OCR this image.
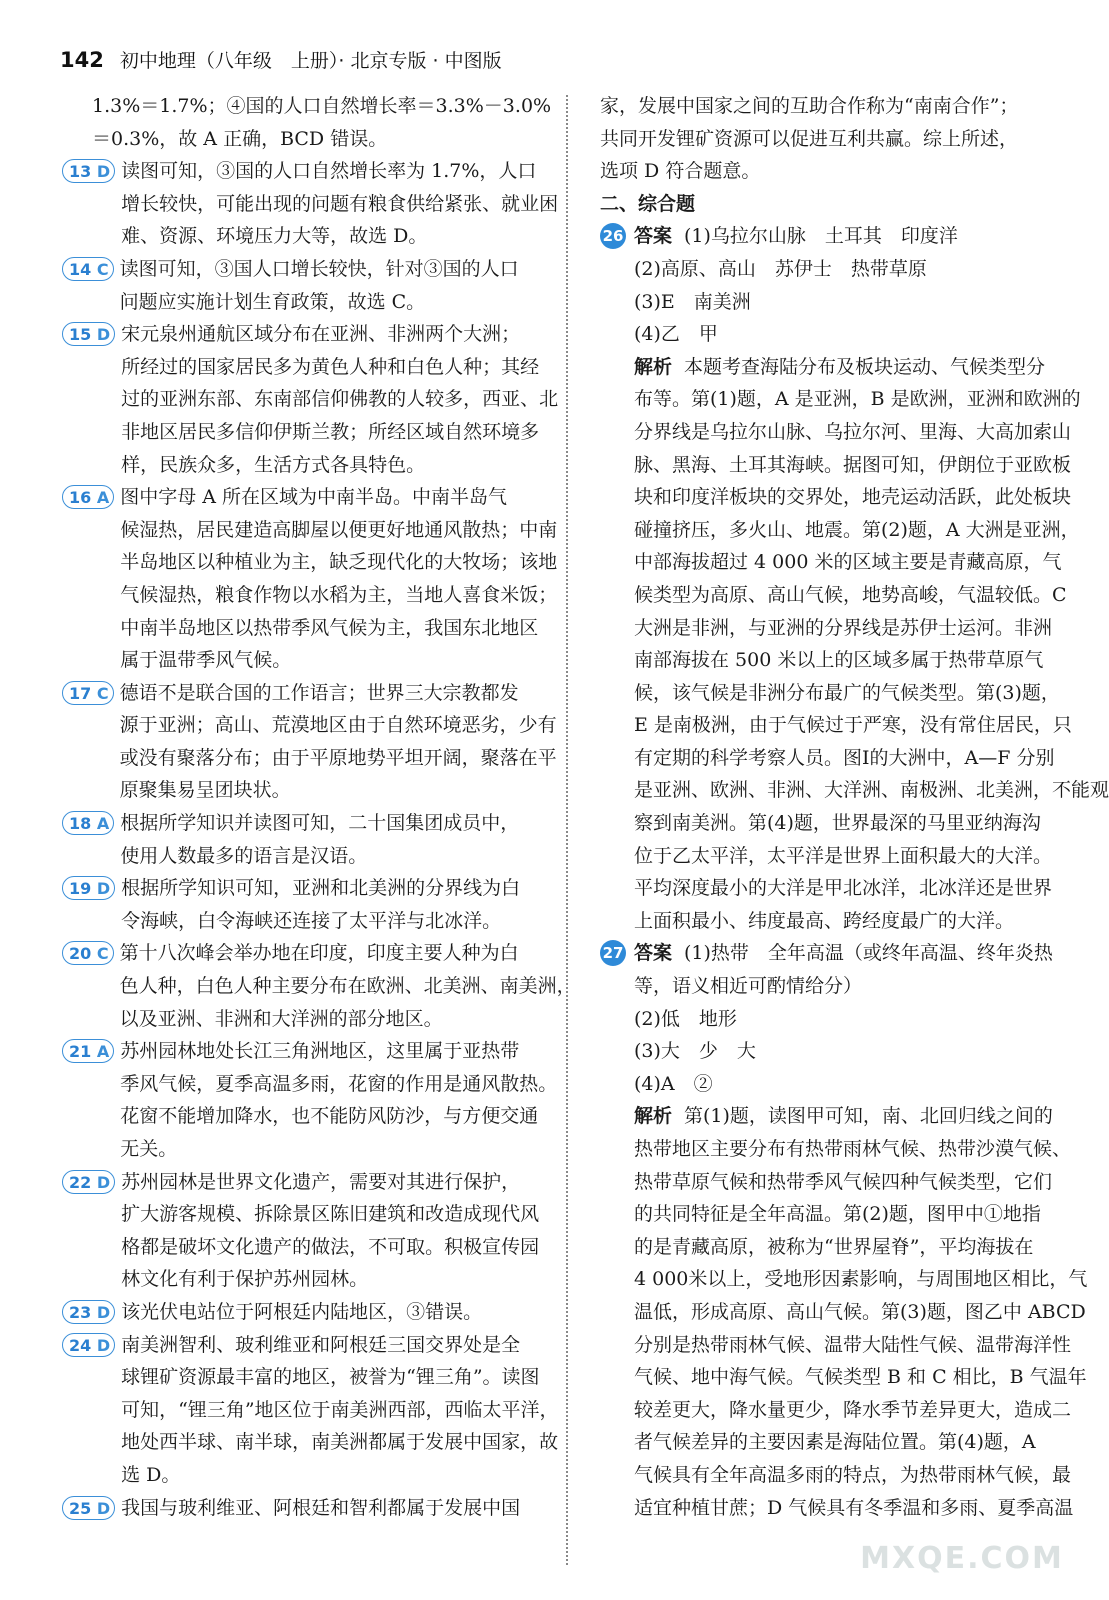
142 初中地理（八年级　上册）· 北京专版 · 中图版
1.3%＝1.7%；④国的人口自然增长率＝3.3%－3.0%
＝0.3%，故 A 正确，BCD 错误。
13 D 读图可知，③国的人口自然增长率为 1.7%，人口
增长较快，可能出现的问题有粮食供给紧张、就业困
难、资源、环境压力大等，故选 D。
14 C 读图可知，③国人口增长较快，针对③国的人口
问题应实施计划生育政策，故选 C。
15 D 宋元泉州通航区域分布在亚洲、非洲两个大洲；
所经过的国家居民多为黄色人种和白色人种；其经
过的亚洲东部、东南部信仰佛教的人较多，西亚、北
非地区居民多信仰伊斯兰教；所经区域自然环境多
样，民族众多，生活方式各具特色。
16 A 图中字母 A 所在区域为中南半岛。中南半岛气
候湿热，居民建造高脚屋以便更好地通风散热；中南
半岛地区以种植业为主，缺乏现代化的大牧场；该地
气候湿热，粮食作物以水稻为主，当地人喜食米饭；
中南半岛地区以热带季风气候为主，我国东北地区
属于温带季风气候。
17 C 德语不是联合国的工作语言；世界三大宗教都发
源于亚洲；高山、荒漠地区由于自然环境恶劣，少有
或没有聚落分布；由于平原地势平坦开阔，聚落在平
原聚集易呈团块状。
18 A 根据所学知识并读图可知，二十国集团成员中，
使用人数最多的语言是汉语。
19 D 根据所学知识可知，亚洲和北美洲的分界线为白
令海峡，白令海峡还连接了太平洋与北冰洋。
20 C 第十八次峰会举办地在印度，印度主要人种为白
色人种，白色人种主要分布在欧洲、北美洲、南美洲，
以及亚洲、非洲和大洋洲的部分地区。
21 A 苏州园林地处长江三角洲地区，这里属于亚热带
季风气候，夏季高温多雨，花窗的作用是通风散热。
花窗不能增加降水，也不能防风防沙，与方便交通
无关。
22 D 苏州园林是世界文化遗产，需要对其进行保护，
扩大游客规模、拆除景区陈旧建筑和改造成现代风
格都是破坏文化遗产的做法，不可取。积极宣传园
林文化有利于保护苏州园林。
23 D 该光伏电站位于阿根廷内陆地区，③错误。
24 D 南美洲智利、玻利维亚和阿根廷三国交界处是全
球锂矿资源最丰富的地区，被誉为“锂三角”。读图
可知，“锂三角”地区位于南美洲西部，西临太平洋，
地处西半球、南半球，南美洲都属于发展中国家，故
选 D。
25 D 我国与玻利维亚、阿根廷和智利都属于发展中国
家，发展中国家之间的互助合作称为“南南合作”；
共同开发锂矿资源可以促进互利共赢。综上所述，
选项 D 符合题意。
二、综合题
26 答案 (1)乌拉尔山脉　土耳其　印度洋
(2)高原、高山　苏伊士　热带草原
(3)E　南美洲
(4)乙　甲
解析 本题考查海陆分布及板块运动、气候类型分
布等。第(1)题，A 是亚洲，B 是欧洲，亚洲和欧洲的
分界线是乌拉尔山脉、乌拉尔河、里海、大高加索山
脉、黑海、土耳其海峡。据图可知，伊朗位于亚欧板
块和印度洋板块的交界处，地壳运动活跃，此处板块
碰撞挤压，多火山、地震。第(2)题，A 大洲是亚洲，
中部海拔超过 4 000 米的区域主要是青藏高原，气
候类型为高原、高山气候，地势高峻，气温较低。C
大洲是非洲，与亚洲的分界线是苏伊士运河。非洲
南部海拔在 500 米以上的区域多属于热带草原气
候，该气候是非洲分布最广的气候类型。第(3)题，
E 是南极洲，由于气候过于严寒，没有常住居民，只
有定期的科学考察人员。图Ⅰ的大洲中，A—F 分别
是亚洲、欧洲、非洲、大洋洲、南极洲、北美洲，不能观
察到南美洲。第(4)题，世界最深的马里亚纳海沟
位于乙太平洋，太平洋是世界上面积最大的大洋。
平均深度最小的大洋是甲北冰洋，北冰洋还是世界
上面积最小、纬度最高、跨经度最广的大洋。
27 答案 (1)热带　全年高温（或终年高温、终年炎热
等，语义相近可酌情给分）
(2)低　地形
(3)大　少　大
(4)A　②
解析 第(1)题，读图甲可知，南、北回归线之间的
热带地区主要分布有热带雨林气候、热带沙漠气候、
热带草原气候和热带季风气候四种气候类型，它们
的共同特征是全年高温。第(2)题，图甲中①地指
的是青藏高原，被称为“世界屋脊”，平均海拔在
4 000米以上，受地形因素影响，与周围地区相比，气
温低，形成高原、高山气候。第(3)题，图乙中 ABCD
分别是热带雨林气候、温带大陆性气候、温带海洋性
气候、地中海气候。气候类型 B 和 C 相比，B 气温年
较差更大，降水量更少，降水季节差异更大，造成二
者气候差异的主要因素是海陆位置。第(4)题，A
气候具有全年高温多雨的特点，为热带雨林气候，最
适宜种植甘蔗；D 气候具有冬季温和多雨、夏季高温
MXQE.COM
